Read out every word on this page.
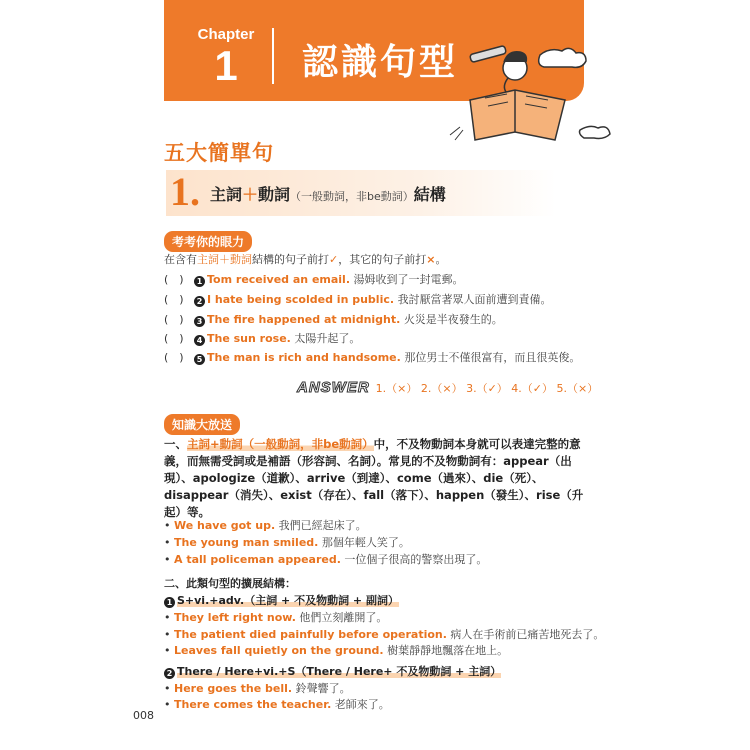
Chapter
1	認識句型
五大簡單句
1. 主詞＋動詞（一般動詞，非be動詞）結構
考考你的眼力
在含有主詞＋動詞結構的句子前打✓，其它的句子前打×。
(　) 1 Tom received an email. 湯姆收到了一封電郵。
(　) 2 I hate being scolded in public. 我討厭當著眾人面前遭到責備。
(　) 3 The fire happened at midnight. 火災是半夜發生的。
(　) 4 The sun rose. 太陽升起了。
(　) 5 The man is rich and handsome. 那位男士不僅很富有，而且很英俊。
ANSWER 1.（×） 2.（×） 3.（✓） 4.（✓） 5.（×）
知識大放送
一、主詞+動詞（一般動詞，非be動詞）中，不及物動詞本身就可以表達完整的意義，而無需受詞或是補語（形容詞、名詞）。常見的不及物動詞有：appear（出現）、apologize（道歉）、arrive（到達）、come（過來）、die（死）、disappear（消失）、exist（存在）、fall（落下）、happen（發生）、rise（升起）等。
• We have got up. 我們已經起床了。
• The young man smiled. 那個年輕人笑了。
• A tall policeman appeared. 一位個子很高的警察出現了。
二、此類句型的擴展結構：
1 S+vi.+adv.（主詞 + 不及物動詞 + 副詞）
• They left right now. 他們立刻離開了。
• The patient died painfully before operation. 病人在手術前已痛苦地死去了。
• Leaves fall quietly on the ground. 樹葉靜靜地飄落在地上。
2 There / Here+vi.+S（There / Here+ 不及物動詞 + 主詞）
• Here goes the bell. 鈴聲響了。
• There comes the teacher. 老師來了。
008
